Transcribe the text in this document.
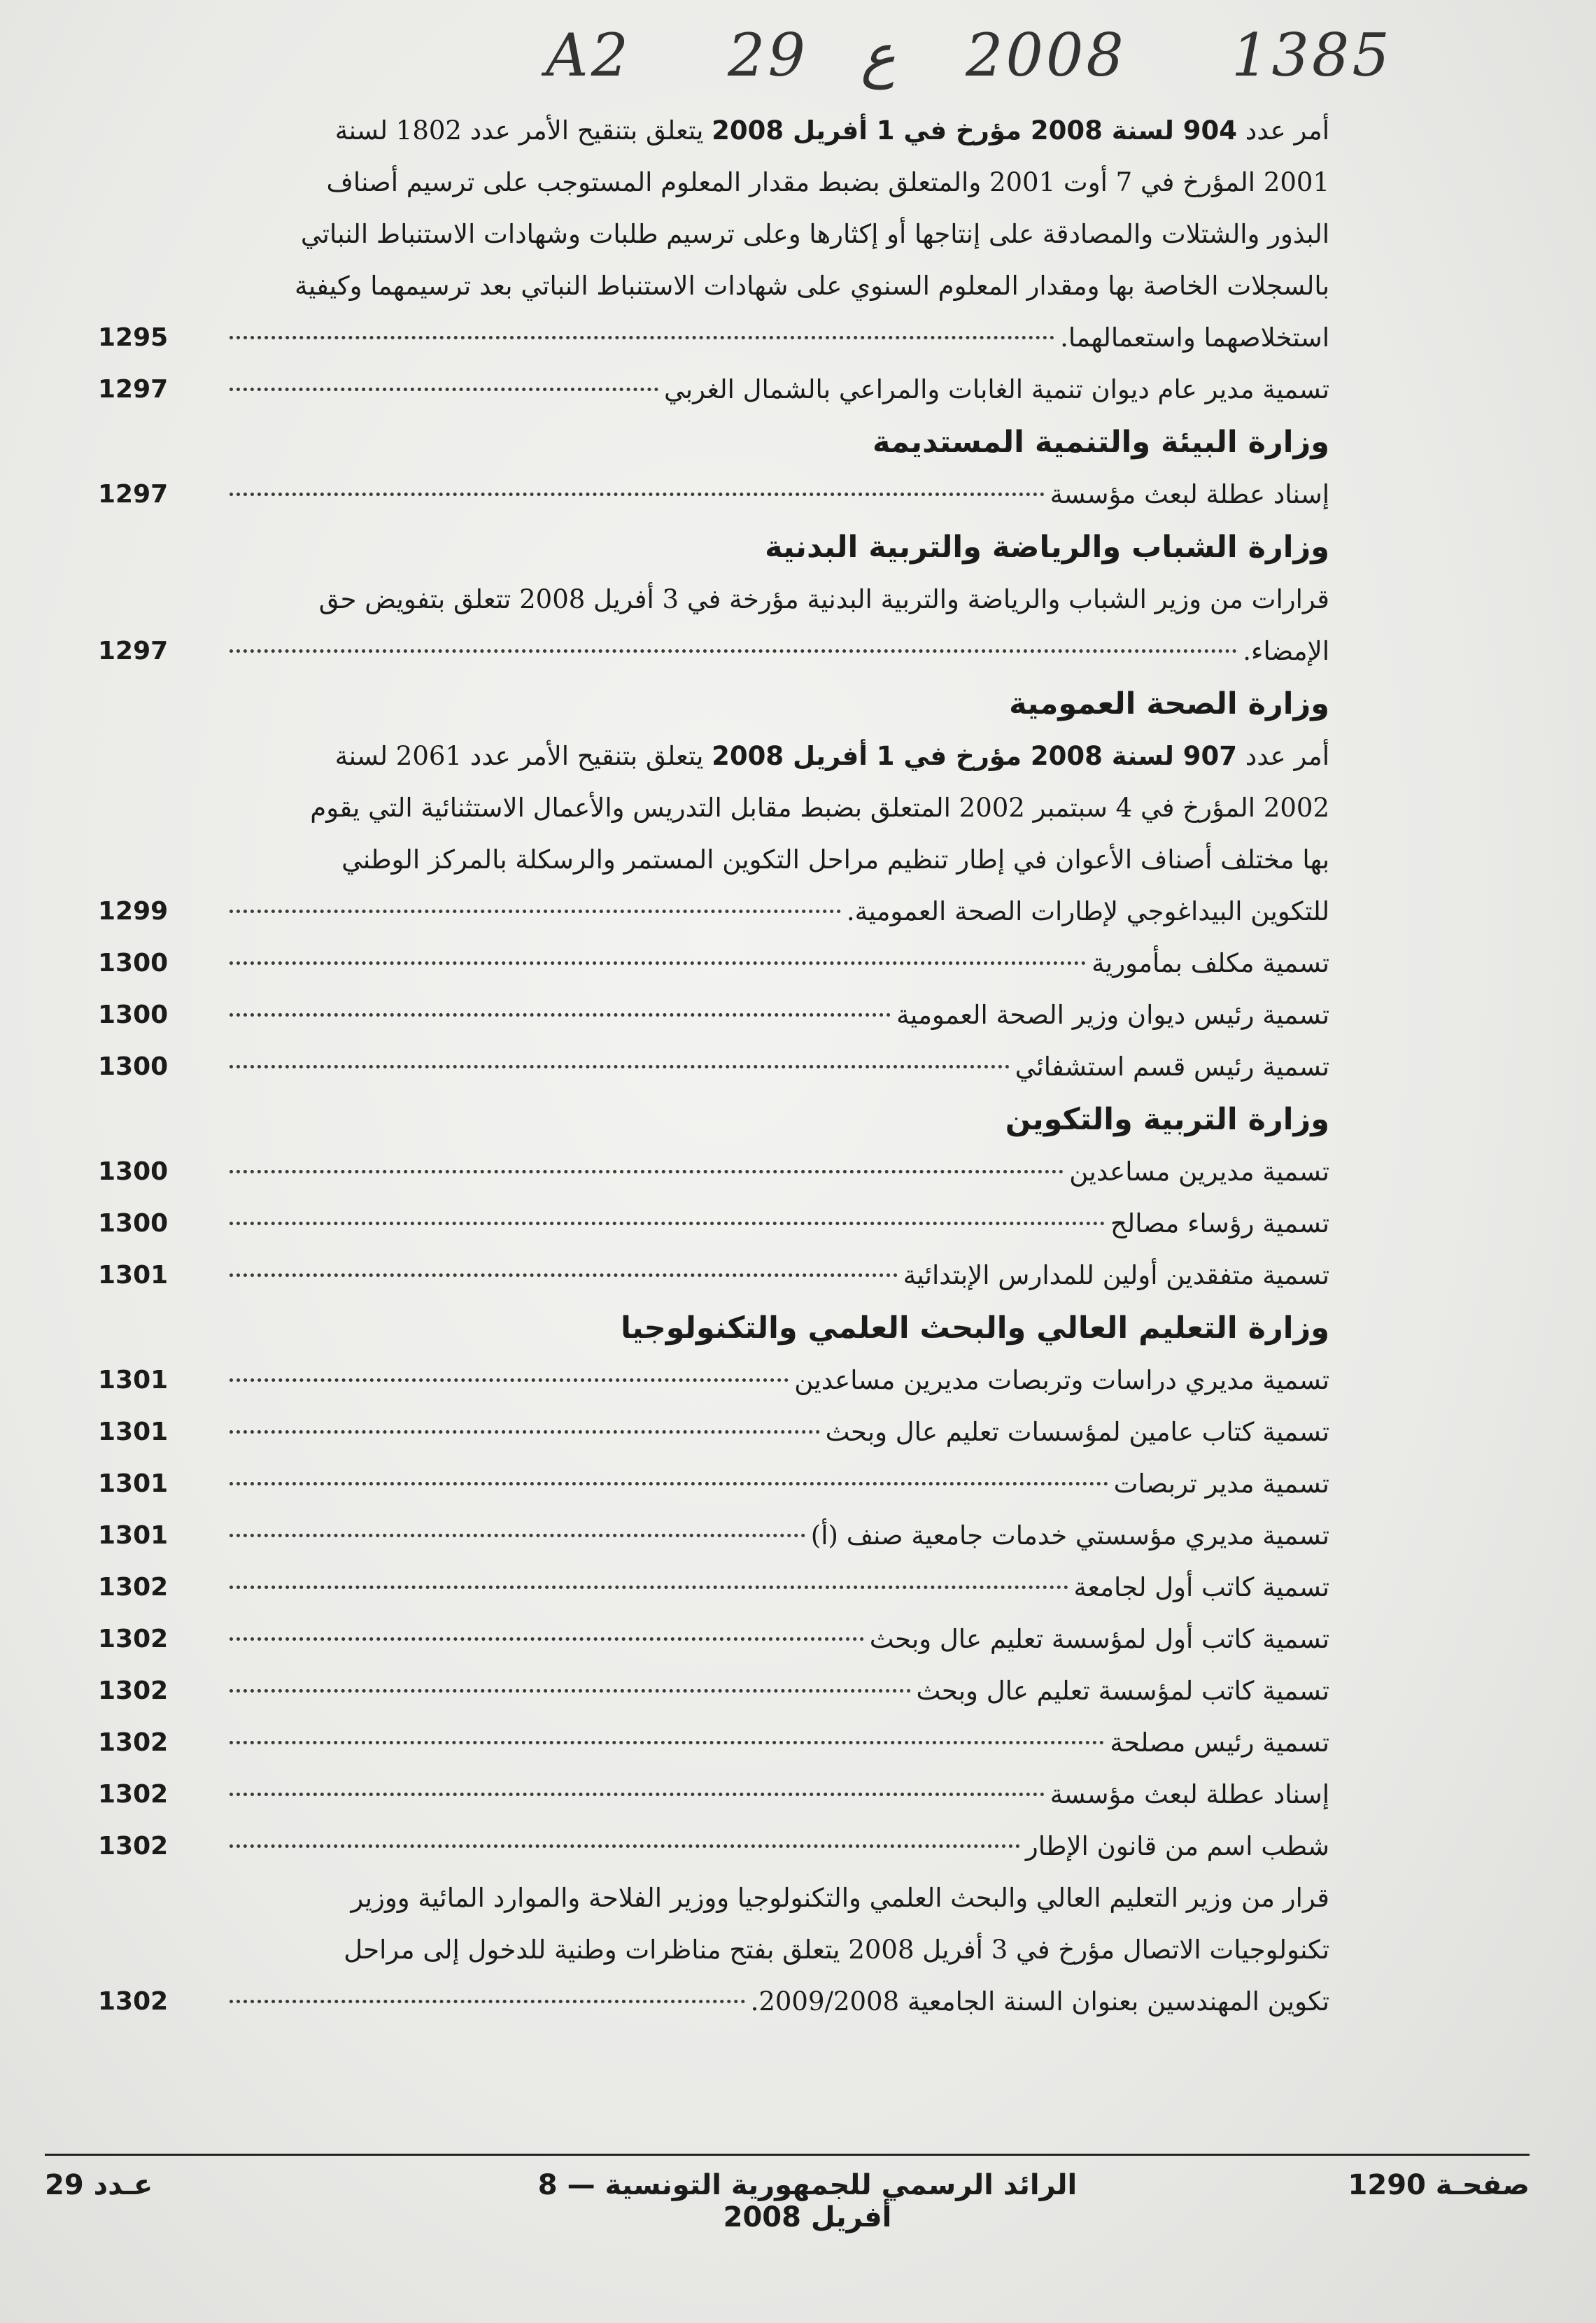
A2 29 ع 2008 1385
أمر عدد 904 لسنة 2008 مؤرخ في 1 أفريل 2008 يتعلق بتنقيح الأمر عدد 1802 لسنة
2001 المؤرخ في 7 أوت 2001 والمتعلق بضبط مقدار المعلوم المستوجب على ترسيم أصناف
البذور والشتلات والمصادقة على إنتاجها أو إكثارها وعلى ترسيم طلبات وشهادات الاستنباط النباتي
بالسجلات الخاصة بها ومقدار المعلوم السنوي على شهادات الاستنباط النباتي بعد ترسيمهما وكيفية
استخلاصهما واستعمالهما.
1295
تسمية مدير عام ديوان تنمية الغابات والمراعي بالشمال الغربي
1297
وزارة البيئة والتنمية المستديمة
إسناد عطلة لبعث مؤسسة
1297
وزارة الشباب والرياضة والتربية البدنية
قرارات من وزير الشباب والرياضة والتربية البدنية مؤرخة في 3 أفريل 2008 تتعلق بتفويض حق
الإمضاء.
1297
وزارة الصحة العمومية
أمر عدد 907 لسنة 2008 مؤرخ في 1 أفريل 2008 يتعلق بتنقيح الأمر عدد 2061 لسنة
2002 المؤرخ في 4 سبتمبر 2002 المتعلق بضبط مقابل التدريس والأعمال الاستثنائية التي يقوم
بها مختلف أصناف الأعوان في إطار تنظيم مراحل التكوين المستمر والرسكلة بالمركز الوطني
للتكوين البيداغوجي لإطارات الصحة العمومية.
1299
تسمية مكلف بمأمورية
1300
تسمية رئيس ديوان وزير الصحة العمومية
1300
تسمية رئيس قسم استشفائي
1300
وزارة التربية والتكوين
تسمية مديرين مساعدين
1300
تسمية رؤساء مصالح
1300
تسمية متفقدين أولين للمدارس الإبتدائية
1301
وزارة التعليم العالي والبحث العلمي والتكنولوجيا
تسمية مديري دراسات وتربصات مديرين مساعدين
1301
تسمية كتاب عامين لمؤسسات تعليم عال وبحث
1301
تسمية مدير تربصات
1301
تسمية مديري مؤسستي خدمات جامعية صنف (أ)
1301
تسمية كاتب أول لجامعة
1302
تسمية كاتب أول لمؤسسة تعليم عال وبحث
1302
تسمية كاتب لمؤسسة تعليم عال وبحث
1302
تسمية رئيس مصلحة
1302
إسناد عطلة لبعث مؤسسة
1302
شطب اسم من قانون الإطار
1302
قرار من وزير التعليم العالي والبحث العلمي والتكنولوجيا ووزير الفلاحة والموارد المائية ووزير
تكنولوجيات الاتصال مؤرخ في 3 أفريل 2008 يتعلق بفتح مناظرات وطنية للدخول إلى مراحل
تكوين المهندسين بعنوان السنة الجامعية 2009/2008.
1302
عـدد 29	الرائد الرسمي للجمهورية التونسية — 8 أفريل 2008
صفحـة 1290
